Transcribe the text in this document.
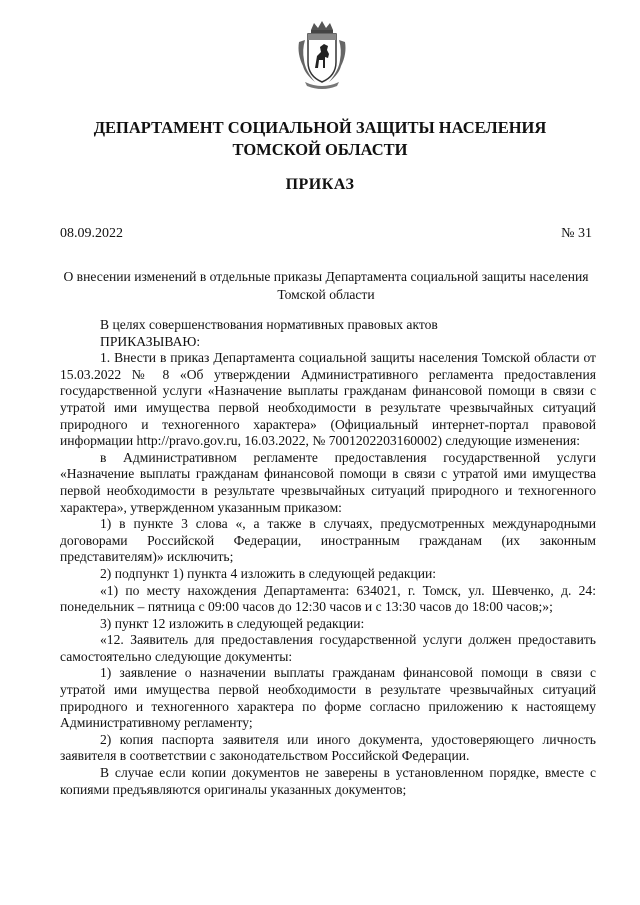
ДЕПАРТАМЕНТ СОЦИАЛЬНОЙ ЗАЩИТЫ НАСЕЛЕНИЯ
ТОМСКОЙ ОБЛАСТИ
ПРИКАЗ
08.09.2022	№ 31
О внесении изменений в отдельные приказы Департамента социальной защиты населения Томской области

В целях совершенствования нормативных правовых актов

ПРИКАЗЫВАЮ:

1. Внести в приказ Департамента социальной защиты населения Томской области от 15.03.2022 № 8 «Об утверждении Административного регламента предоставления государственной услуги «Назначение выплаты гражданам финансовой помощи в связи с утратой ими имущества первой необходимости в результате чрезвычайных ситуаций природного и техногенного характера» (Официальный интернет-портал правовой информации http://pravo.gov.ru, 16.03.2022, № 7001202203160002) следующие изменения:

в Административном регламенте предоставления государственной услуги «Назначение выплаты гражданам финансовой помощи в связи с утратой ими имущества первой необходимости в результате чрезвычайных ситуаций природного и техногенного характера», утвержденном указанным приказом:

1) в пункте 3 слова «, а также в случаях, предусмотренных международными договорами Российской Федерации, иностранным гражданам (их законным представителям)» исключить;

2) подпункт 1) пункта 4 изложить в следующей редакции:

«1) по месту нахождения Департамента: 634021, г. Томск, ул. Шевченко, д. 24: понедельник – пятница с 09:00 часов до 12:30 часов и с 13:30 часов до 18:00 часов;»;

3) пункт 12 изложить в следующей редакции:

«12. Заявитель для предоставления государственной услуги должен предоставить самостоятельно следующие документы:

1) заявление о назначении выплаты гражданам финансовой помощи в связи с утратой ими имущества первой необходимости в результате чрезвычайных ситуаций природного и техногенного характера по форме согласно приложению к настоящему Административному регламенту;

2) копия паспорта заявителя или иного документа, удостоверяющего личность заявителя в соответствии с законодательством Российской Федерации.

В случае если копии документов не заверены в установленном порядке, вместе с копиями предъявляются оригиналы указанных документов;
